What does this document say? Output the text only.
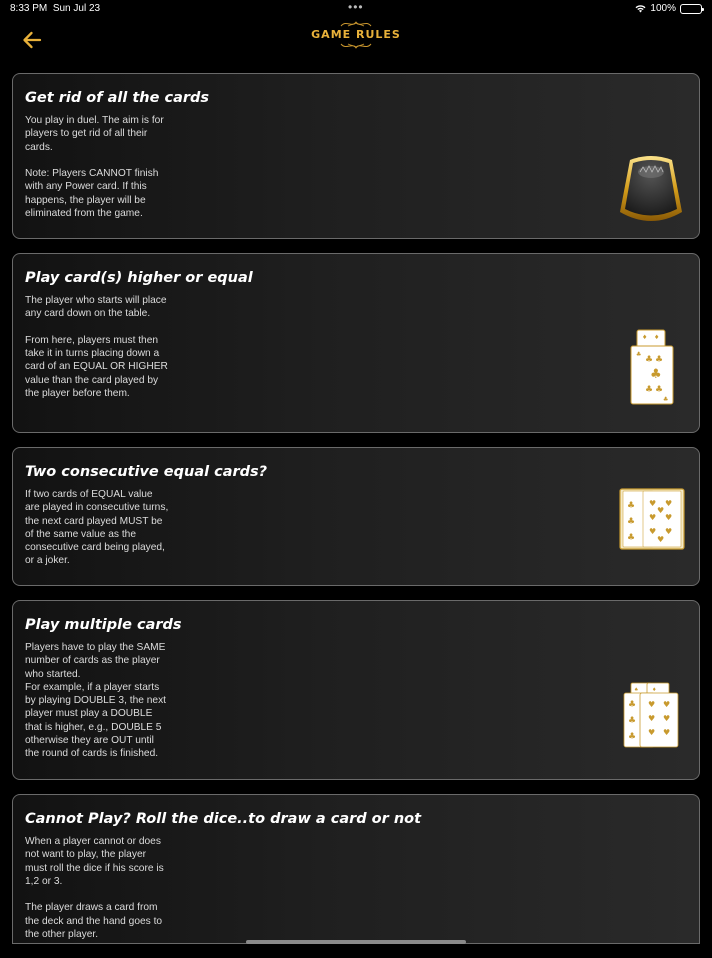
8:33 PM Sun Jul 23	•••	100%
GAME RULES
Get rid of all the cards
You play in duel. The aim is for players to get rid of all their cards.

Note: Players CANNOT finish with any Power card. If this happens, the player will be eliminated from the game.
Play card(s) higher or equal
The player who starts will place any card down on the table.

From here, players must then take it in turns placing down a card of an EQUAL OR HIGHER value than the card played by the player before them.
♦ ♦
♣
♣ ♣
♣
♣ ♣
♣
Two consecutive equal cards?
If two cards of EQUAL value are played in consecutive turns, the next card played MUST be of the same value as the consecutive card being played, or a joker.
♣
♣
♣
♥ ♥
♥ ♥
♥
♥ ♥
♥
Play multiple cards
Players have to play the SAME number of cards as the player who started.
For example, if a player starts by playing DOUBLE 3, the next player must play a DOUBLE that is higher, e.g., DOUBLE 5 otherwise they are OUT until the round of cards is finished.
♠	♦
♣
♣
♣
♥ ♥
♥ ♥
♥ ♥
Cannot Play? Roll the dice..to draw a card or not
When a player cannot or does not want to play, the player must roll the dice if his score is 1,2 or 3.

The player draws a card from the deck and the hand goes to the other player.
